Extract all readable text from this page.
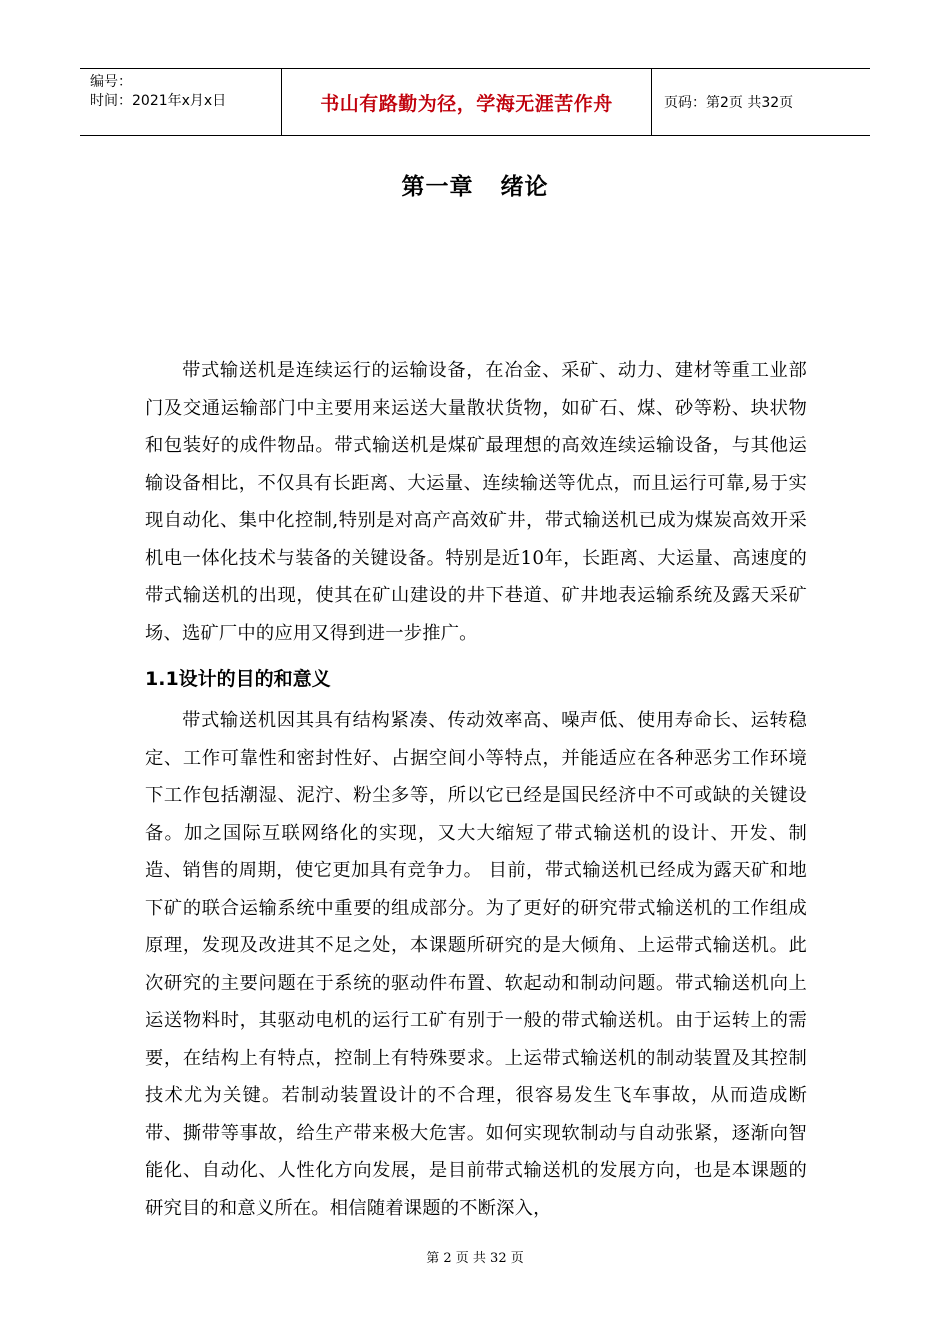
编号：
时间：2021年x月x日	书山有路勤为径，学海无涯苦作舟	页码：第2页 共32页
第一章   绪论
带式输送机是连续运行的运输设备，在冶金、采矿、动力、建材等重工业部门及交通运输部门中主要用来运送大量散状货物，如矿石、煤、砂等粉、块状物和包装好的成件物品。带式输送机是煤矿最理想的高效连续运输设备，与其他运输设备相比，不仅具有长距离、大运量、连续输送等优点，而且运行可靠,易于实现自动化、集中化控制,特别是对高产高效矿井，带式输送机已成为煤炭高效开采机电一体化技术与装备的关键设备。特别是近10年，长距离、大运量、高速度的带式输送机的出现，使其在矿山建设的井下巷道、矿井地表运输系统及露天采矿场、选矿厂中的应用又得到进一步推广。
1.1设计的目的和意义
带式输送机因其具有结构紧凑、传动效率高、噪声低、使用寿命长、运转稳定、工作可靠性和密封性好、占据空间小等特点，并能适应在各种恶劣工作环境下工作包括潮湿、泥泞、粉尘多等，所以它已经是国民经济中不可或缺的关键设备。加之国际互联网络化的实现，又大大缩短了带式输送机的设计、开发、制造、销售的周期，使它更加具有竞争力。 目前，带式输送机已经成为露天矿和地下矿的联合运输系统中重要的组成部分。为了更好的研究带式输送机的工作组成原理，发现及改进其不足之处，本课题所研究的是大倾角、上运带式输送机。此次研究的主要问题在于系统的驱动件布置、软起动和制动问题。带式输送机向上运送物料时，其驱动电机的运行工矿有别于一般的带式输送机。由于运转上的需要，在结构上有特点，控制上有特殊要求。上运带式输送机的制动装置及其控制技术尤为关键。若制动装置设计的不合理，很容易发生飞车事故，从而造成断带、撕带等事故，给生产带来极大危害。如何实现软制动与自动张紧，逐渐向智能化、自动化、人性化方向发展，是目前带式输送机的发展方向，也是本课题的研究目的和意义所在。相信随着课题的不断深入，
第 2 页 共 32 页
